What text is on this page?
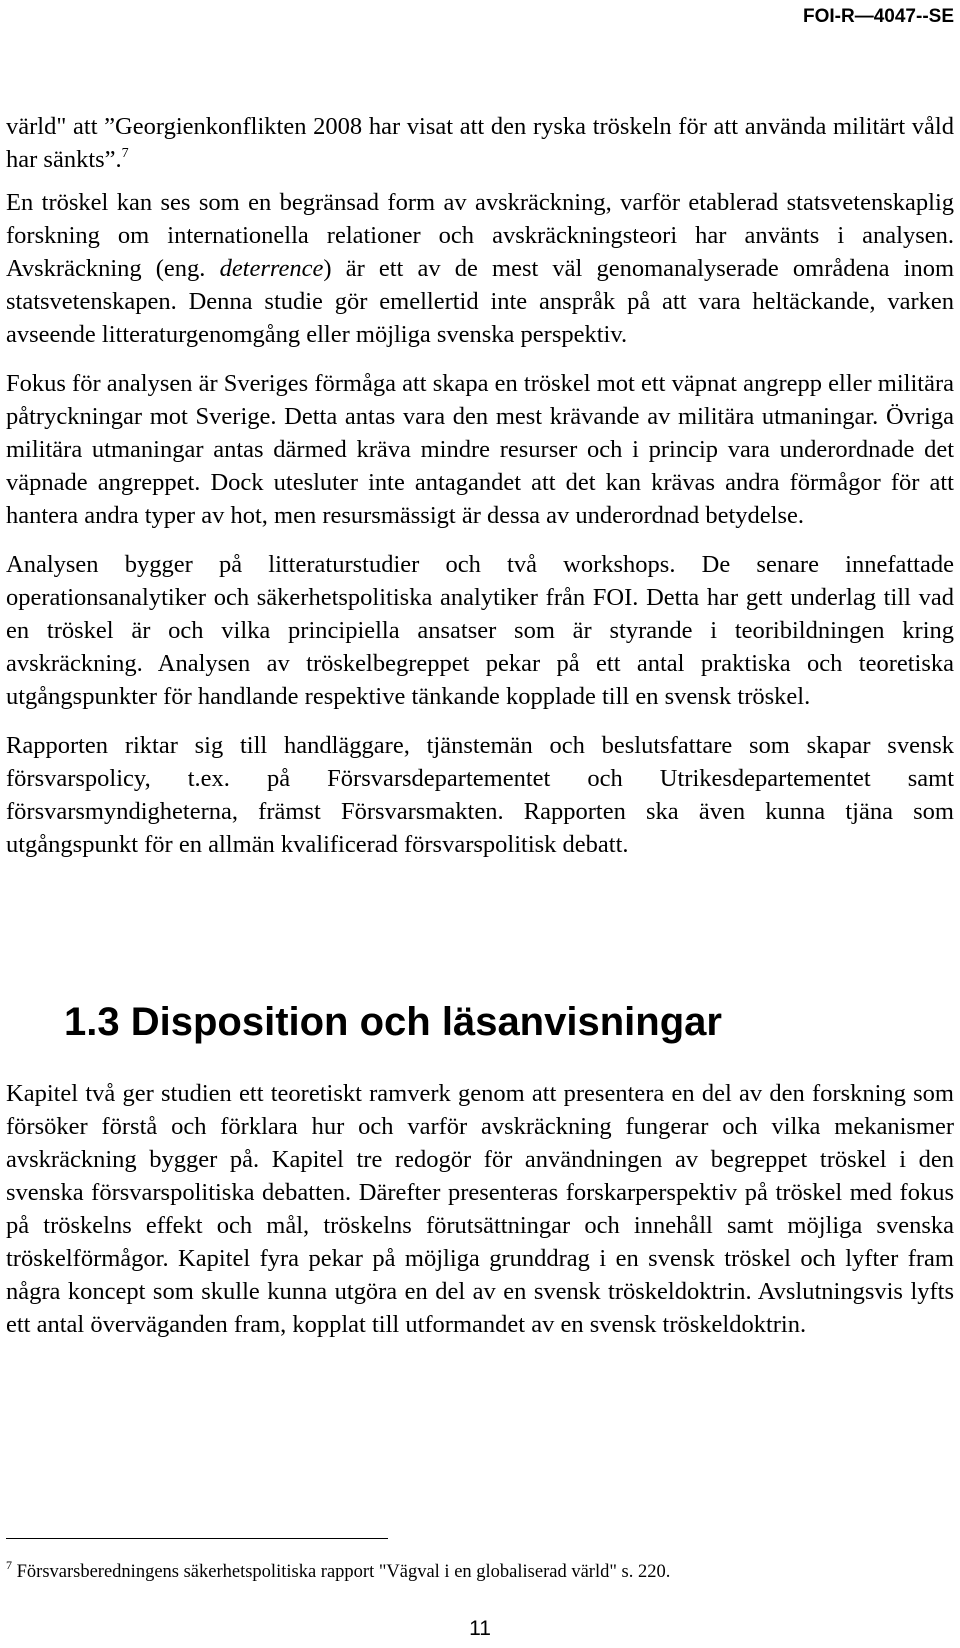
FOI-R—4047--SE

värld" att ”Georgienkonflikten 2008 har visat att den ryska tröskeln för att använda militärt våld har sänkts”.$^7$

En tröskel kan ses som en begränsad form av avskräckning, varför etablerad statsvetenskaplig forskning om internationella relationer och avskräckningsteori har använts i analysen. Avskräckning (eng. deterrence) är ett av de mest väl genomanalyserade områdena inom statsvetenskapen. Denna studie gör emellertid inte anspråk på att vara heltäckande, varken avseende litteraturgenomgång eller möjliga svenska perspektiv.

Fokus för analysen är Sveriges förmåga att skapa en tröskel mot ett väpnat angrepp eller militära påtryckningar mot Sverige. Detta antas vara den mest krävande av militära utmaningar. Övriga militära utmaningar antas därmed kräva mindre resurser och i princip vara underordnade det väpnade angreppet. Dock utesluter inte antagandet att det kan krävas andra förmågor för att hantera andra typer av hot, men resursmässigt är dessa av underordnad betydelse.

Analysen bygger på litteraturstudier och två workshops. De senare innefattade operationsanalytiker och säkerhetspolitiska analytiker från FOI. Detta har gett underlag till vad en tröskel är och vilka principiella ansatser som är styrande i teoribildningen kring avskräckning. Analysen av tröskelbegreppet pekar på ett antal praktiska och teoretiska utgångspunkter för handlande respektive tänkande kopplade till en svensk tröskel.

Rapporten riktar sig till handläggare, tjänstemän och beslutsfattare som skapar svensk försvarspolicy, t.ex. på Försvarsdepartementet och Utrikesdepartementet samt försvarsmyndigheterna, främst Försvarsmakten. Rapporten ska även kunna tjäna som utgångspunkt för en allmän kvalificerad försvarspolitisk debatt.

1.3 Disposition och läsanvisningar

Kapitel två ger studien ett teoretiskt ramverk genom att presentera en del av den forskning som försöker förstå och förklara hur och varför avskräckning fungerar och vilka mekanismer avskräckning bygger på. Kapitel tre redogör för användningen av begreppet tröskel i den svenska försvarspolitiska debatten. Därefter presenteras forskarperspektiv på tröskel med fokus på tröskelns effekt och mål, tröskelns förutsättningar och innehåll samt möjliga svenska tröskelförmågor. Kapitel fyra pekar på möjliga grunddrag i en svensk tröskel och lyfter fram några koncept som skulle kunna utgöra en del av en svensk tröskeldoktrin. Avslutningsvis lyfts ett antal överväganden fram, kopplat till utformandet av en svensk tröskeldoktrin.

$^7$ Försvarsberedningens säkerhetspolitiska rapport "Vägval i en globaliserad värld" s. 220.
11
